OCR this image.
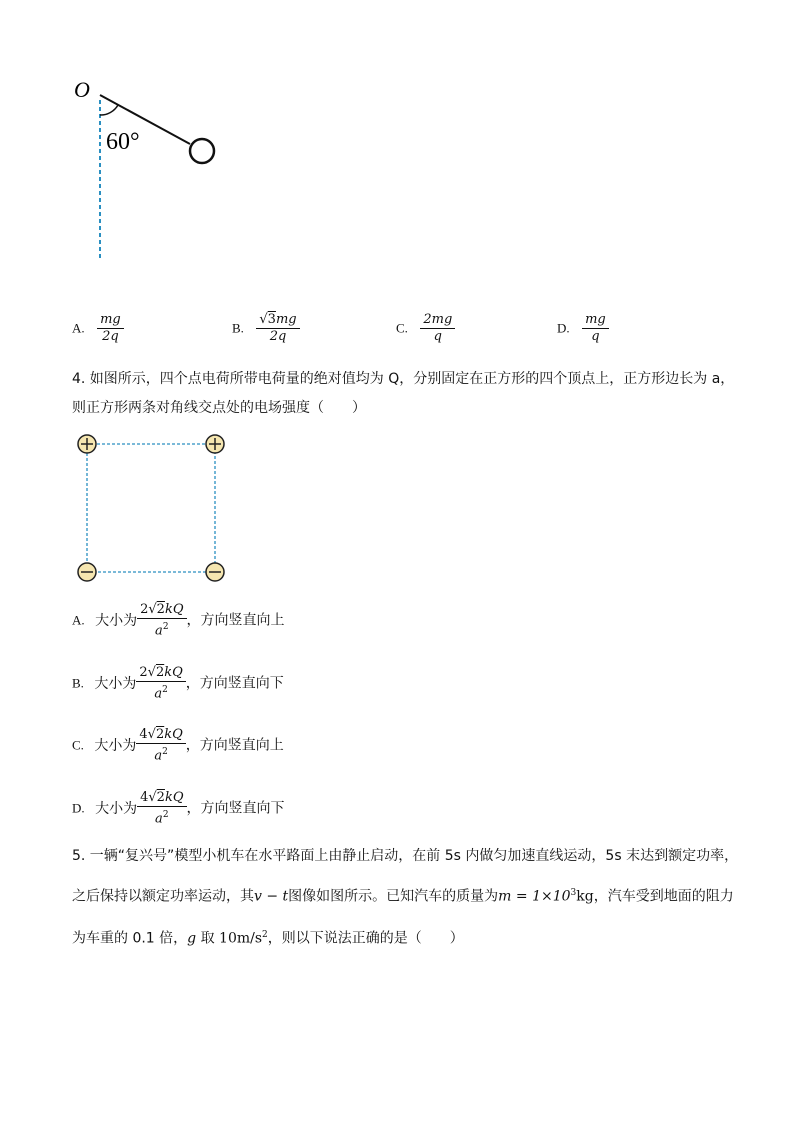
O
60°
A. $\frac{mg}{2q}$	B. $\frac{√3mg}{2q}$	C. $\frac{2mg}{q}$	D. $\frac{mg}{q}$
4. 如图所示，四个点电荷所带电荷量的绝对值均为 Q，分别固定在正方形的四个顶点上，正方形边长为 a，
则正方形两条对角线交点处的电场强度（　　）
A. 大小为 $\frac{2√2kQ}{a^2}$ ，方向竖直向上
B. 大小为 $\frac{2√2kQ}{a^2}$ ，方向竖直向下
C. 大小为 $\frac{4√2kQ}{a^2}$ ，方向竖直向上
D. 大小为 $\frac{4√2kQ}{a^2}$ ，方向竖直向下
5. 一辆“复兴号”模型小机车在水平路面上由静止启动，在前 5s 内做匀加速直线运动，5s 末达到额定功率，
之后保持以额定功率运动，其v − t图像如图所示。已知汽车的质量为$m = 1\times 10^3kg$，汽车受到地面的阻力
为车重的 0.1 倍，g 取 $10m/s^2$，则以下说法正确的是（　　）
